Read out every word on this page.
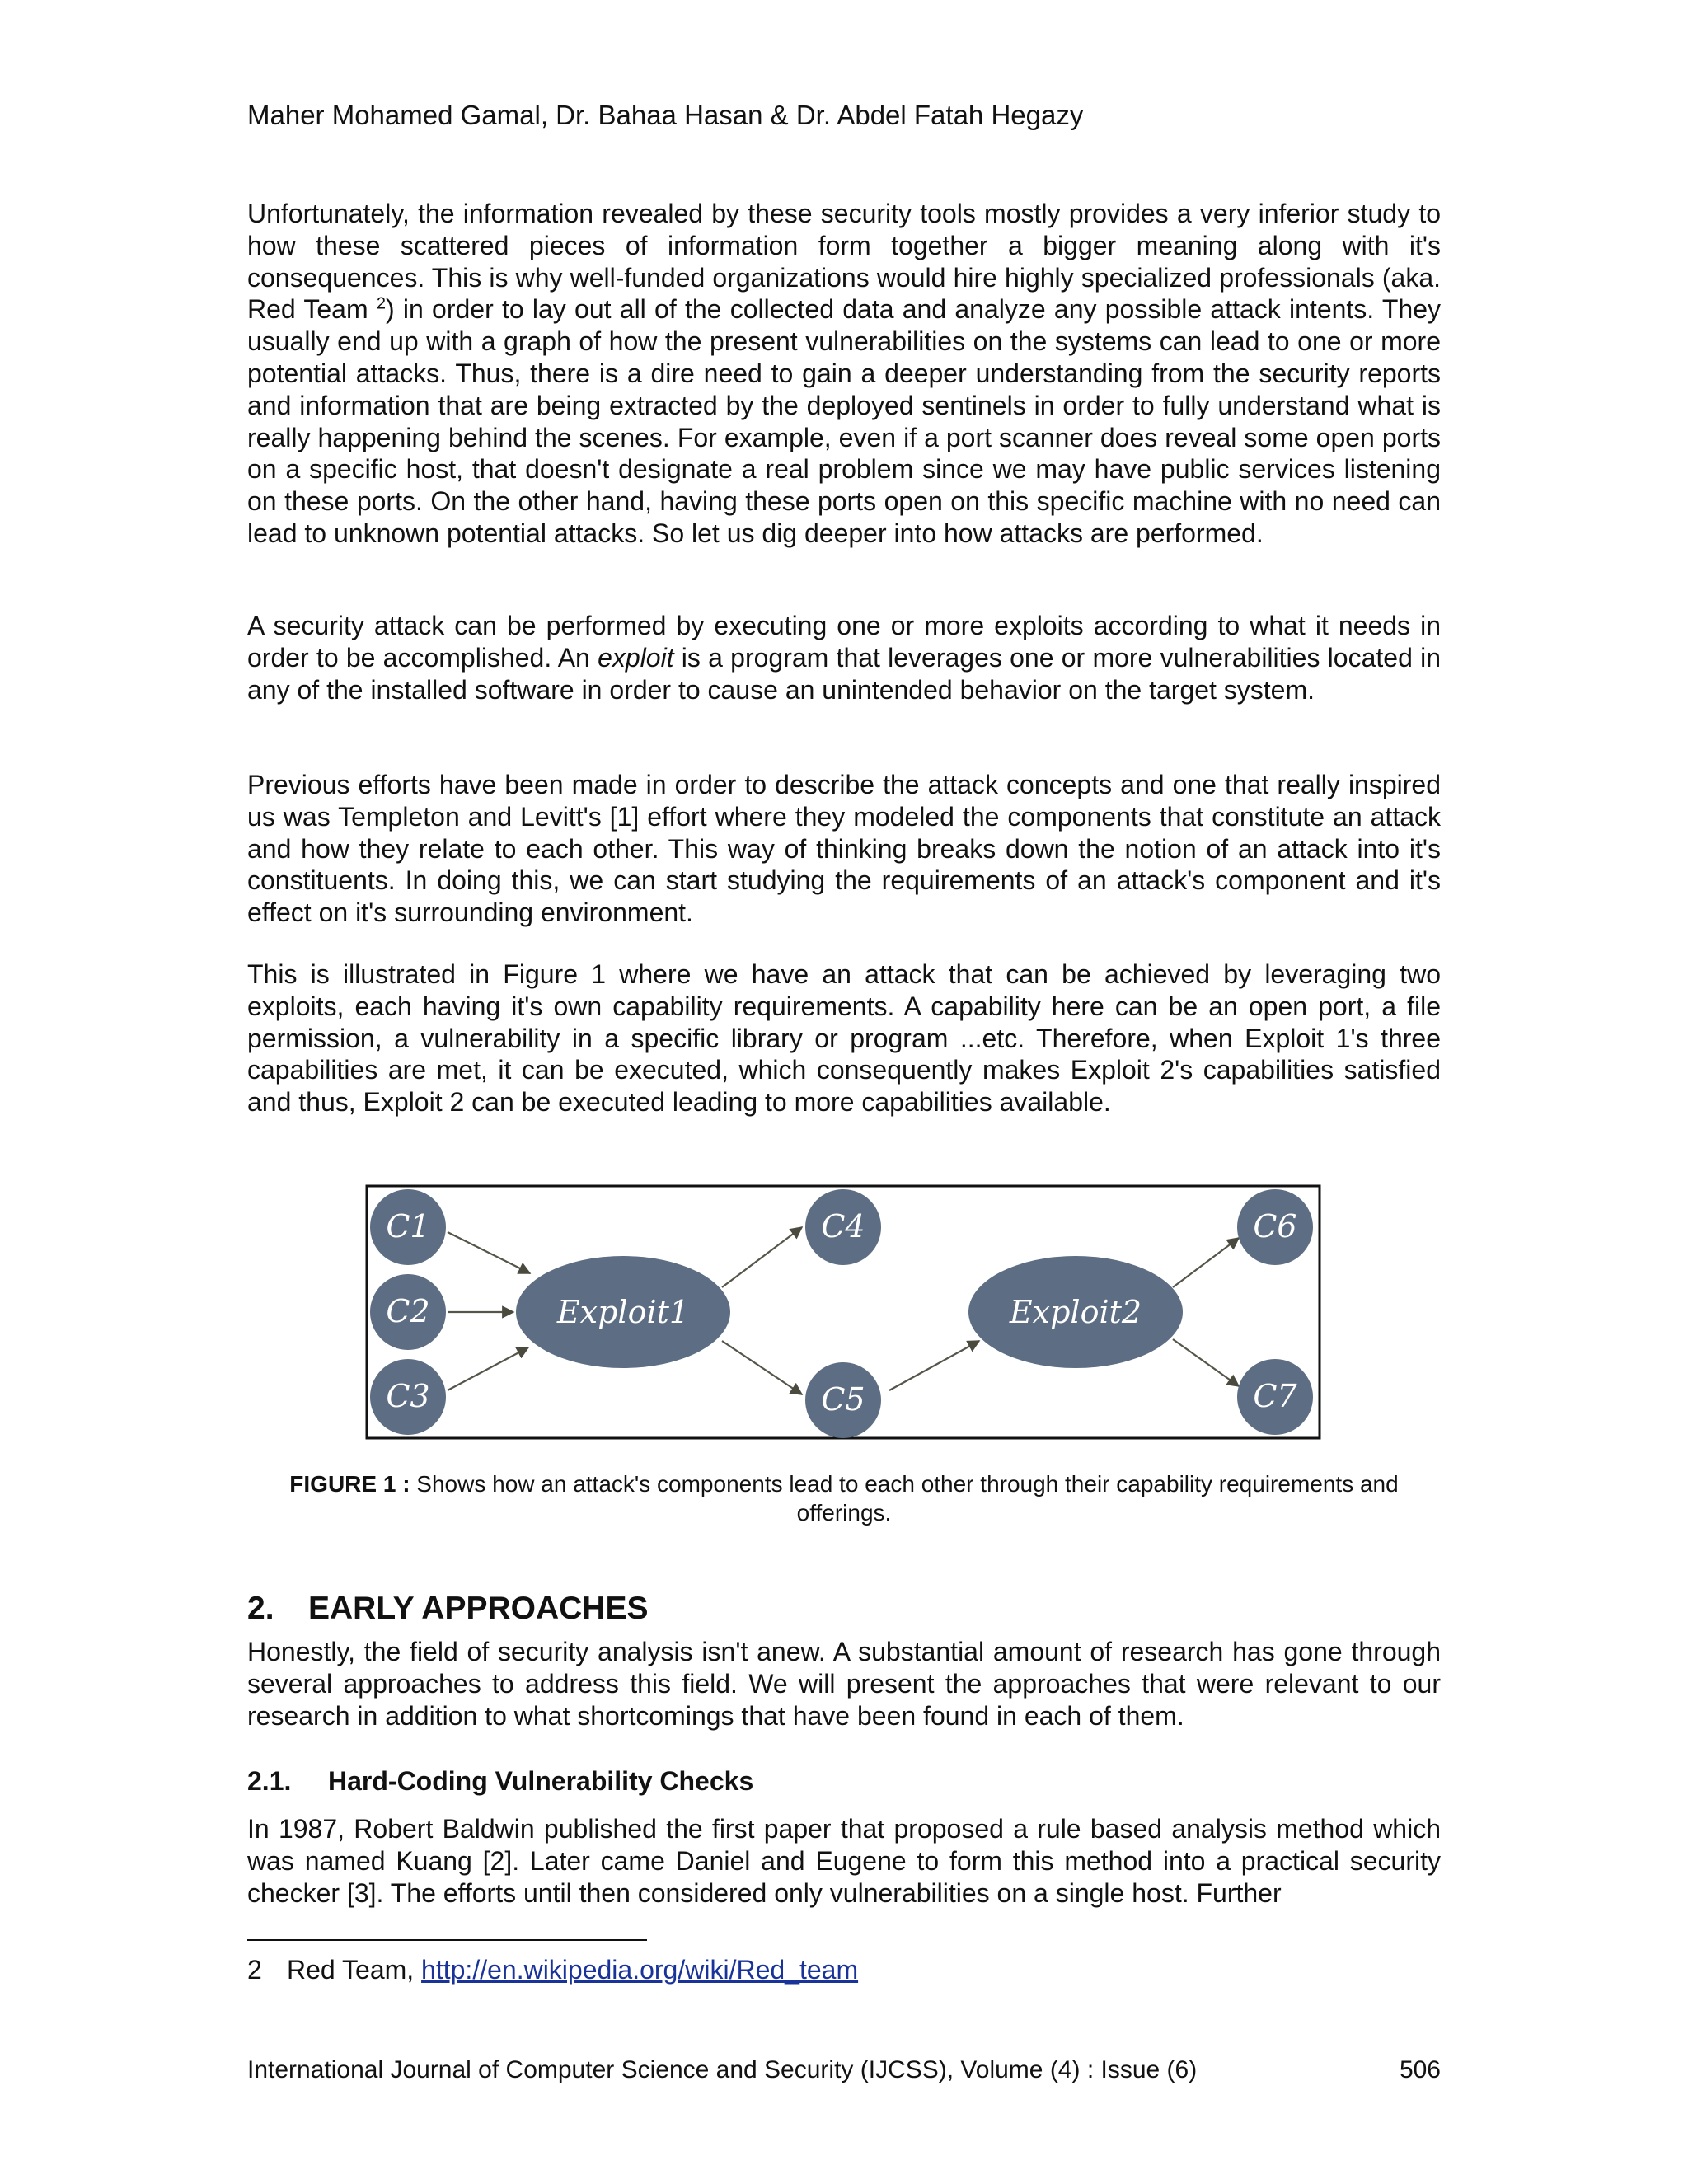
Maher Mohamed Gamal, Dr. Bahaa Hasan & Dr. Abdel Fatah Hegazy

Unfortunately, the information revealed by these security tools mostly provides a very inferior study to how these scattered pieces of information form together a bigger meaning along with it's consequences. This is why well-funded organizations would hire highly specialized professionals (aka. Red Team $^2$) in order to lay out all of the collected data and analyze any possible attack intents. They usually end up with a graph of how the present vulnerabilities on the systems can lead to one or more potential attacks. Thus, there is a dire need to gain a deeper understanding from the security reports and information that are being extracted by the deployed sentinels in order to fully understand what is really happening behind the scenes. For example, even if a port scanner does reveal some open ports on a specific host, that doesn't designate a real problem since we may have public services listening on these ports. On the other hand, having these ports open on this specific machine with no need can lead to unknown potential attacks. So let us dig deeper into how attacks are performed.

A security attack can be performed by executing one or more exploits according to what it needs in order to be accomplished. An exploit is a program that leverages one or more vulnerabilities located in any of the installed software in order to cause an unintended behavior on the target system.

Previous efforts have been made in order to describe the attack concepts and one that really inspired us was Templeton and Levitt's [1] effort where they modeled the components that constitute an attack and how they relate to each other. This way of thinking breaks down the notion of an attack into it's constituents. In doing this, we can start studying the requirements of an attack's component and it's effect on it's surrounding environment.

This is illustrated in Figure 1 where we have an attack that can be achieved by leveraging two exploits, each having it's own capability requirements. A capability here can be an open port, a file permission, a vulnerability in a specific library or program ...etc. Therefore, when Exploit 1's three capabilities are met, it can be executed, which consequently makes Exploit 2's capabilities satisfied and thus, Exploit 2 can be executed leading to more capabilities available.

C1
C2
C3
C4
C5
C6
C7
Exploit1	Exploit2
FIGURE 1 : Shows how an attack's components lead to each other through their capability requirements and offerings.
2. EARLY APPROACHES

Honestly, the field of security analysis isn't anew. A substantial amount of research has gone through several approaches to address this field. We will present the approaches that were relevant to our research in addition to what shortcomings that have been found in each of them.

2.1. Hard-Coding Vulnerability Checks

In 1987, Robert Baldwin published the first paper that proposed a rule based analysis method which was named Kuang [2]. Later came Daniel and Eugene to form this method into a practical security checker [3]. The efforts until then considered only vulnerabilities on a single host. Further

2 Red Team, http://en.wikipedia.org/wiki/Red_team
International Journal of Computer Science and Security (IJCSS), Volume (4) : Issue (6)	506
